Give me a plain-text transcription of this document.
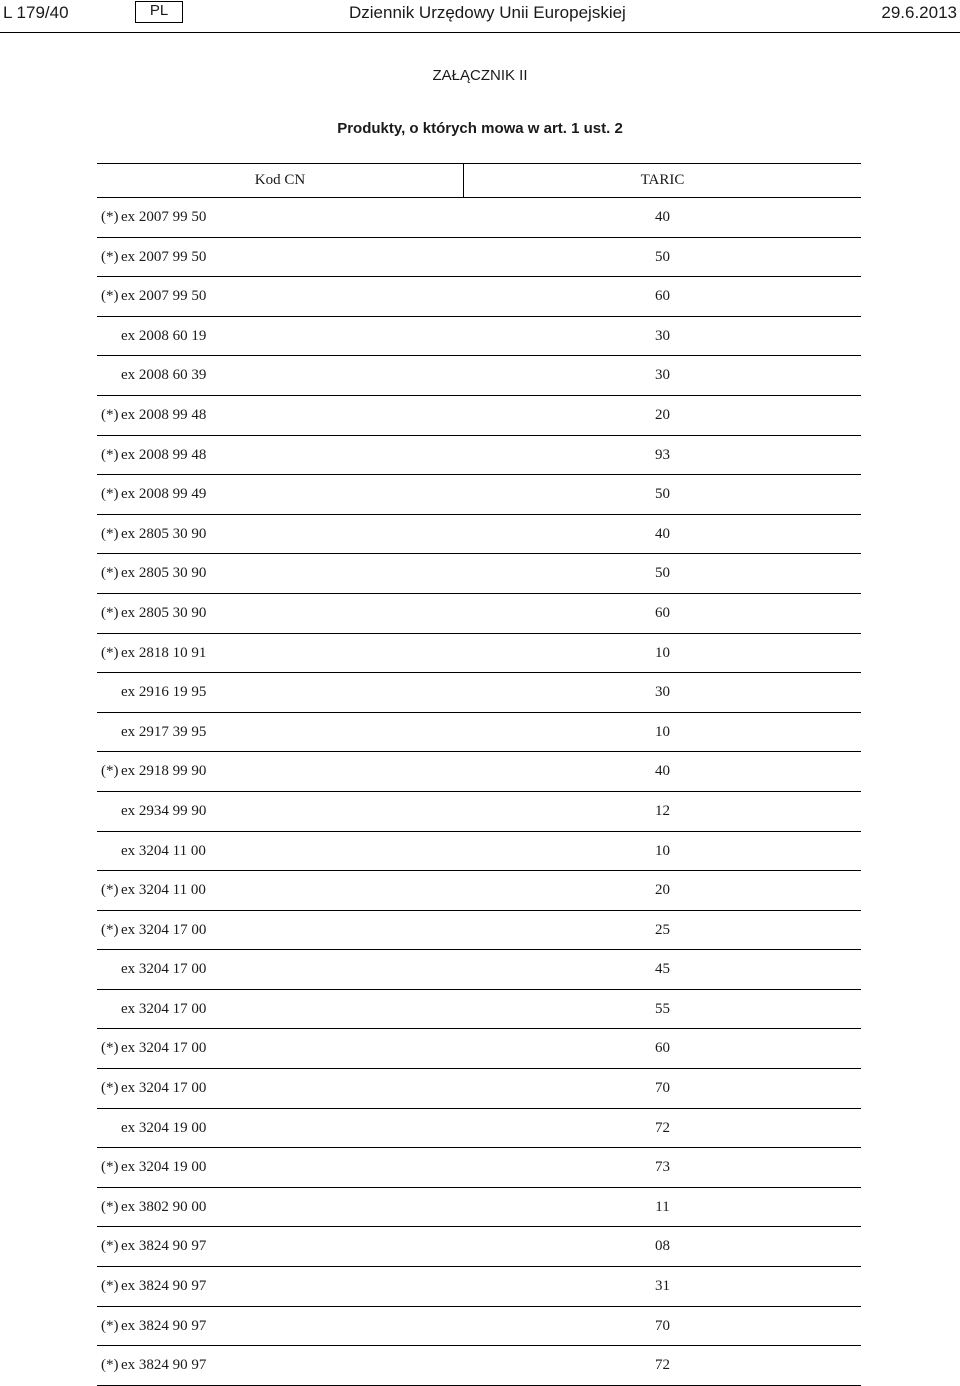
L 179/40	PL	Dziennik Urzędowy Unii Europejskiej	29.6.2013
ZAŁĄCZNIK II
Produkty, o których mowa w art. 1 ust. 2
Kod CN	TARIC
(*) ex 2007 99 50	40
(*) ex 2007 99 50	50
(*) ex 2007 99 50	60
ex 2008 60 19	30
ex 2008 60 39	30
(*) ex 2008 99 48	20
(*) ex 2008 99 48	93
(*) ex 2008 99 49	50
(*) ex 2805 30 90	40
(*) ex 2805 30 90	50
(*) ex 2805 30 90	60
(*) ex 2818 10 91	10
ex 2916 19 95	30
ex 2917 39 95	10
(*) ex 2918 99 90	40
ex 2934 99 90	12
ex 3204 11 00	10
(*) ex 3204 11 00	20
(*) ex 3204 17 00	25
ex 3204 17 00	45
ex 3204 17 00	55
(*) ex 3204 17 00	60
(*) ex 3204 17 00	70
ex 3204 19 00	72
(*) ex 3204 19 00	73
(*) ex 3802 90 00	11
(*) ex 3824 90 97	08
(*) ex 3824 90 97	31
(*) ex 3824 90 97	70
(*) ex 3824 90 97	72
